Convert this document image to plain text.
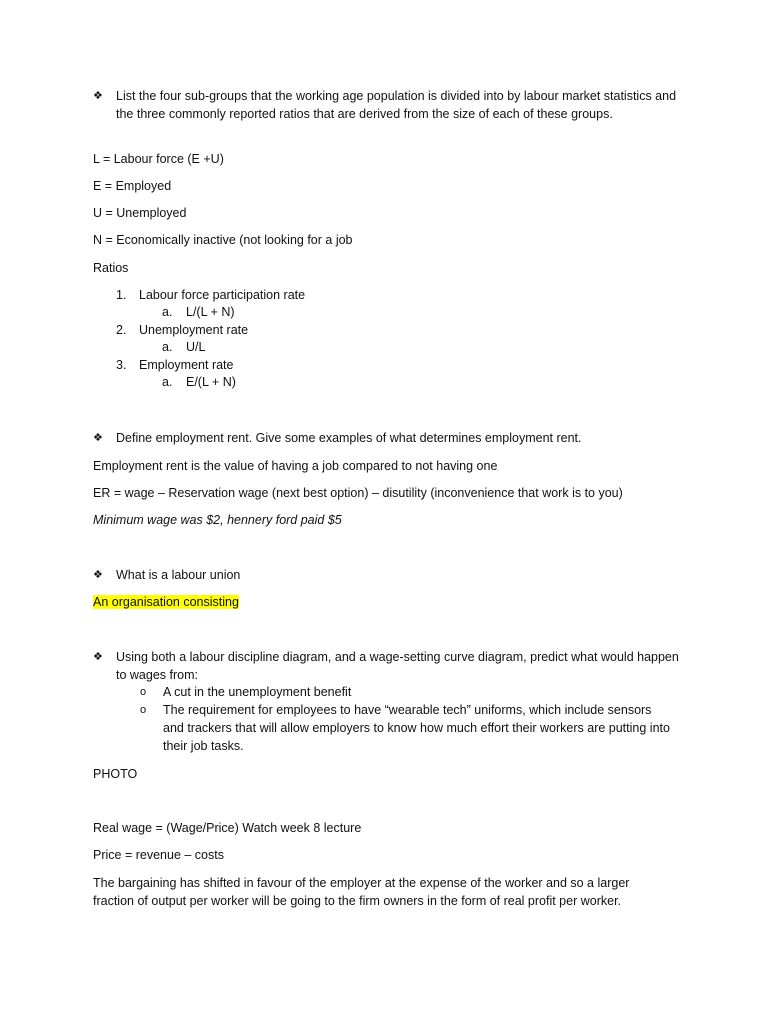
❖	List the four sub-groups that the working age population is divided into by labour market statistics and the three commonly reported ratios that are derived from the size of each of these groups.
L = Labour force (E +U)
E = Employed
U = Unemployed
N = Economically inactive (not looking for a job
Ratios
1. Labour force participation rate
a. L/(L + N)
2. Unemployment rate
a. U/L
3. Employment rate
a. E/(L + N)
❖	Define employment rent. Give some examples of what determines employment rent.
Employment rent is the value of having a job compared to not having one
ER = wage – Reservation wage (next best option) – disutility (inconvenience that work is to you)
Minimum wage was $2, hennery ford paid $5
❖	What is a labour union
An organisation consisting
❖	Using both a labour discipline diagram, and a wage-setting curve diagram, predict what would happen to wages from:
o A cut in the unemployment benefit
o The requirement for employees to have “wearable tech” uniforms, which include sensors and trackers that will allow employers to know how much effort their workers are putting into their job tasks.
PHOTO
Real wage = (Wage/Price) Watch week 8 lecture
Price = revenue – costs
The bargaining has shifted in favour of the employer at the expense of the worker and so a larger fraction of output per worker will be going to the firm owners in the form of real profit per worker.
